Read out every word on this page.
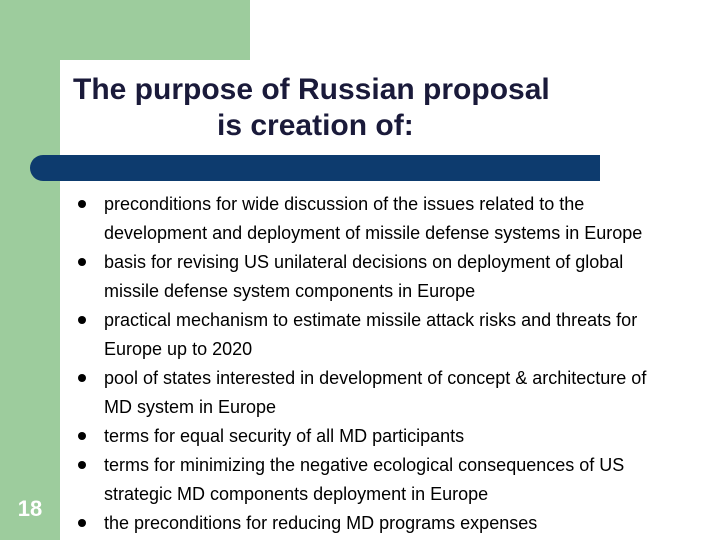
The purpose of Russian proposal
is creation of:
18
preconditions for wide discussion of the issues related to the
development and deployment of missile defense systems in Europe
basis for revising US unilateral decisions on deployment of global
missile defense system components in Europe
practical mechanism to estimate missile attack risks and threats for
Europe up to 2020
pool of states interested in development of concept & architecture of
MD system in Europe
terms for equal security of all MD participants
terms for minimizing the negative ecological consequences of US
strategic MD components deployment in Europe
the preconditions for reducing MD programs expenses
